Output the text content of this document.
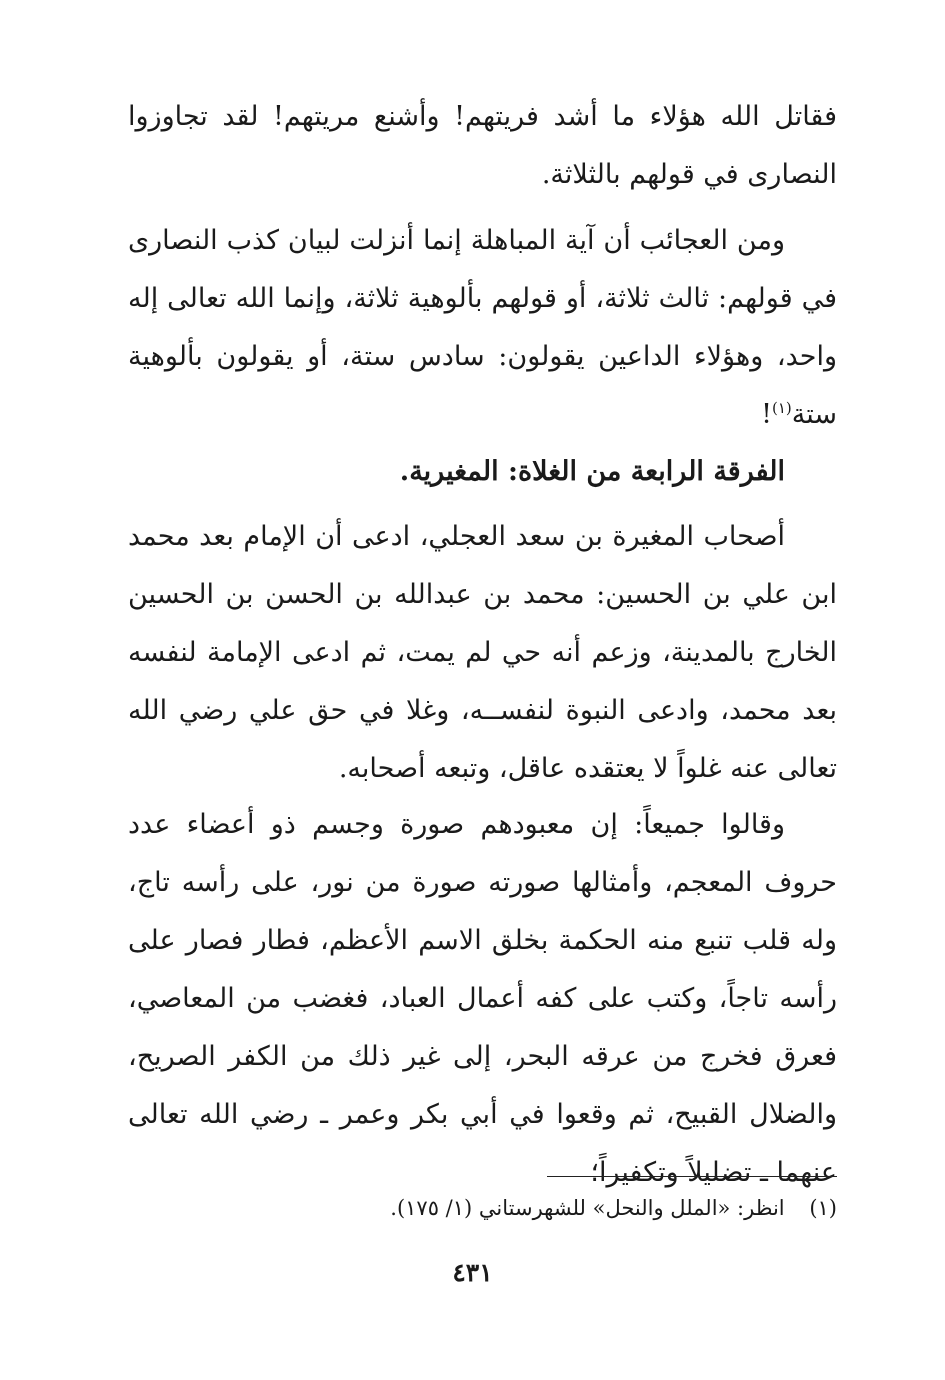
فقاتل الله هؤلاء ما أشد فريتهم! وأشنع مريتهم! لقد تجاوزوا النصارى في قولهم بالثلاثة.
ومن العجائب أن آية المباهلة إنما أنزلت لبيان كذب النصارى في قولهم: ثالث ثلاثة، أو قولهم بألوهية ثلاثة، وإنما الله تعالى إله واحد، وهؤلاء الداعين يقولون: سادس ستة، أو يقولون بألوهية ستة$^{(١)}$!
الفرقة الرابعة من الغلاة: المغيرية.
أصحاب المغيرة بن سعد العجلي، ادعى أن الإمام بعد محمد ابن علي بن الحسين: محمد بن عبدالله بن الحسن بن الحسين الخارج بالمدينة، وزعم أنه حي لم يمت، ثم ادعى الإمامة لنفسه بعد محمد، وادعى النبوة لنفســه، وغلا في حق علي رضي الله تعالى عنه غلواً لا يعتقده عاقل، وتبعه أصحابه.
وقالوا جميعاً: إن معبودهم صورة وجسم ذو أعضاء عدد حروف المعجم، وأمثالها صورته صورة من نور، على رأسه تاج، وله قلب تنبع منه الحكمة بخلق الاسم الأعظم، فطار فصار على رأسه تاجاً، وكتب على كفه أعمال العباد، فغضب من المعاصي، فعرق فخرج من عرقه البحر، إلى غير ذلك من الكفر الصريح، والضلال القبيح، ثم وقعوا في أبي بكر وعمر ـ رضي الله تعالى عنهما ـ تضليلاً وتكفيراً؛
(١) انظر: «الملل والنحل» للشهرستاني (١/ ١٧٥).
٤٣١
